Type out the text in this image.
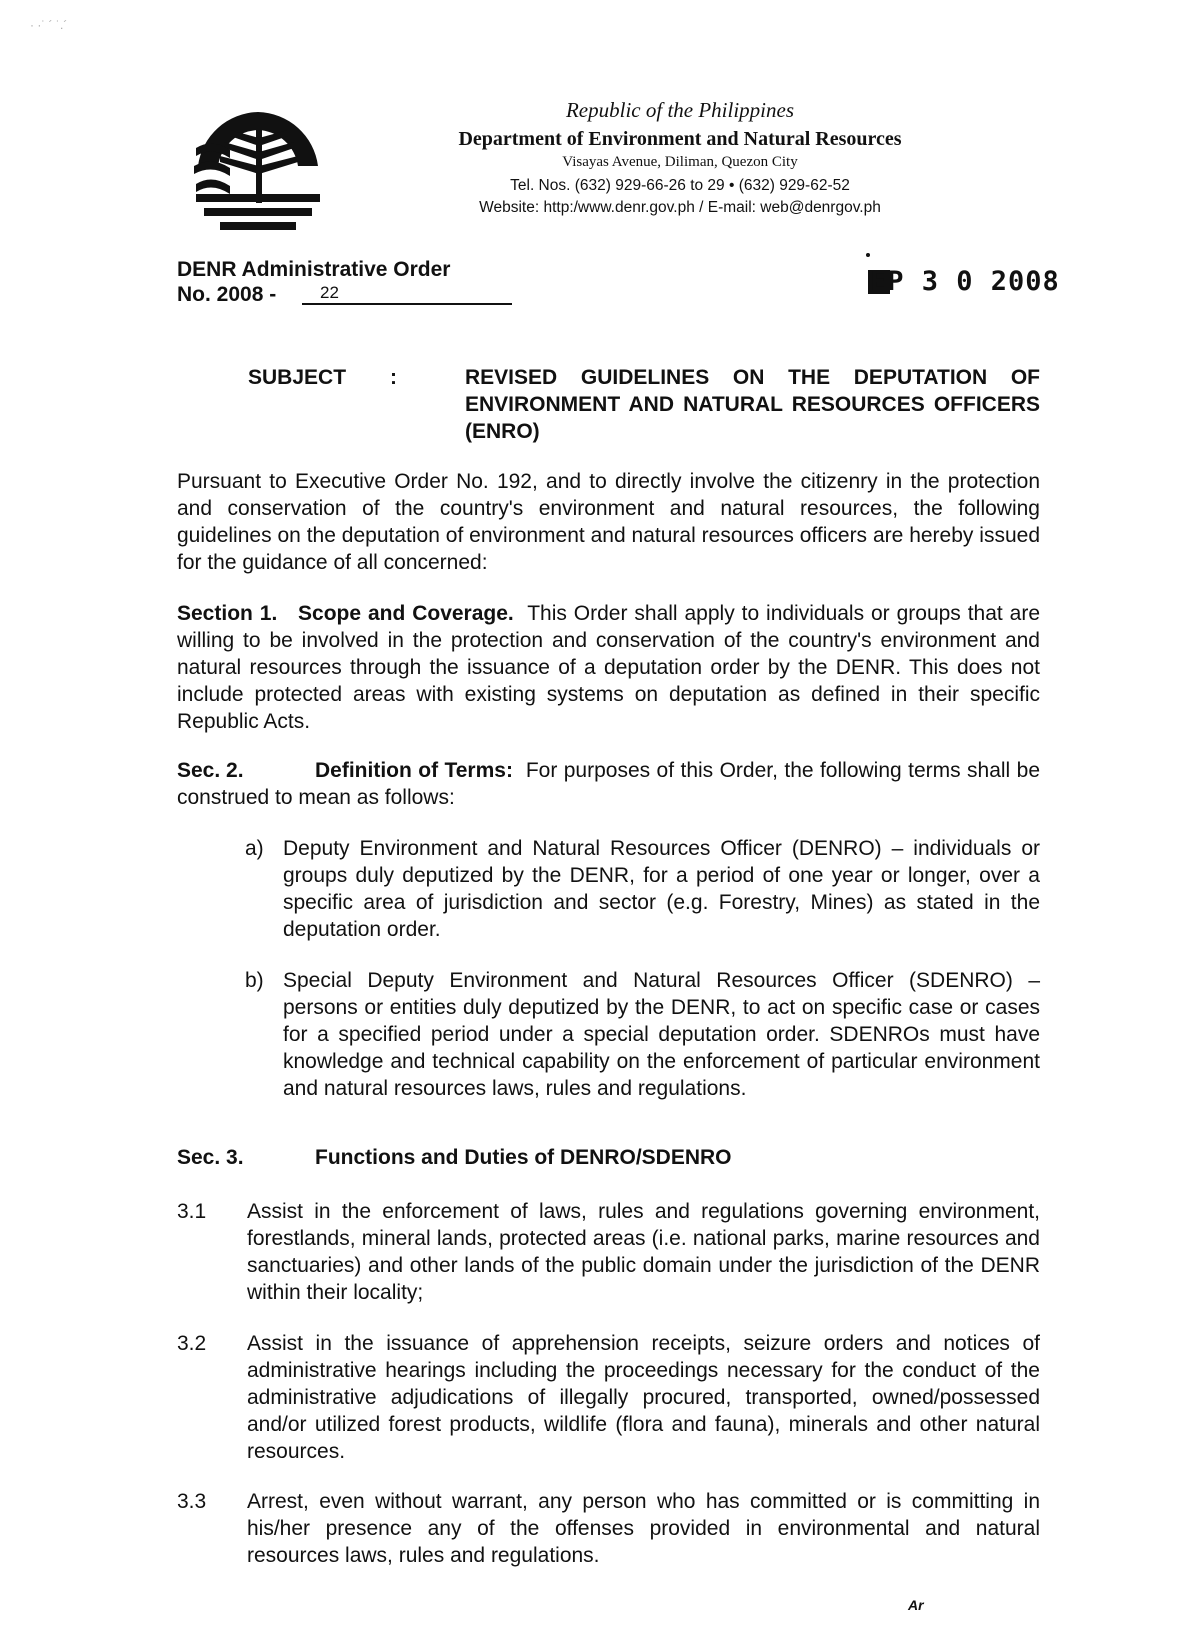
· ·˙ ´ ˙.´
Republic of the Philippines
Department of Environment and Natural Resources
Visayas Avenue, Diliman, Quezon City
Tel. Nos. (632) 929-66-26 to 29 • (632) 929-62-52
Website: http:/www.denr.gov.ph / E-mail: web@denrgov.ph
DENR Administrative Order
No. 2008 -	22	EP 3 0 2008
SUBJECT :	REVISED GUIDELINES ON THE DEPUTATION OF ENVIRONMENT AND NATURAL RESOURCES OFFICERS (ENRO)
Pursuant to Executive Order No. 192, and to directly involve the citizenry in the protection and conservation of the country's environment and natural resources, the following guidelines on the deputation of environment and natural resources officers are hereby issued for the guidance of all concerned:
Section 1. Scope and Coverage. This Order shall apply to individuals or groups that are willing to be involved in the protection and conservation of the country's environment and natural resources through the issuance of a deputation order by the DENR. This does not include protected areas with existing systems on deputation as defined in their specific Republic Acts.
Sec. 2.	Definition of Terms: For purposes of this Order, the following terms shall be construed to mean as follows:
a) Deputy Environment and Natural Resources Officer (DENRO) – individuals or groups duly deputized by the DENR, for a period of one year or longer, over a specific area of jurisdiction and sector (e.g. Forestry, Mines) as stated in the deputation order.
b) Special Deputy Environment and Natural Resources Officer (SDENRO) – persons or entities duly deputized by the DENR, to act on specific case or cases for a specified period under a special deputation order. SDENROs must have knowledge and technical capability on the enforcement of particular environment and natural resources laws, rules and regulations.
Sec. 3.	Functions and Duties of DENRO/SDENRO
3.1 Assist in the enforcement of laws, rules and regulations governing environment, forestlands, mineral lands, protected areas (i.e. national parks, marine resources and sanctuaries) and other lands of the public domain under the jurisdiction of the DENR within their locality;
3.2 Assist in the issuance of apprehension receipts, seizure orders and notices of administrative hearings including the proceedings necessary for the conduct of the administrative adjudications of illegally procured, transported, owned/possessed and/or utilized forest products, wildlife (flora and fauna), minerals and other natural resources.
3.3 Arrest, even without warrant, any person who has committed or is committing in his/her presence any of the offenses provided in environmental and natural resources laws, rules and regulations.
Ar
